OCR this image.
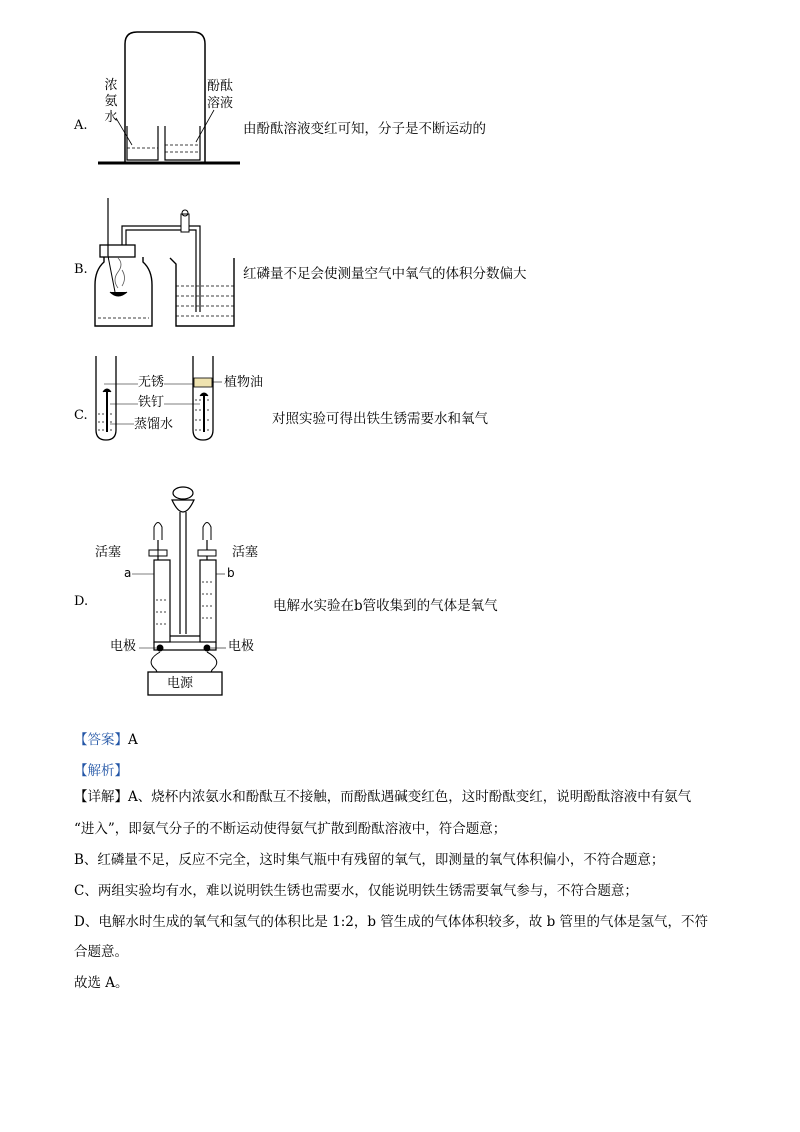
A.
浓
氨
水
酚酞
溶液
由酚酞溶液变红可知，分子是不断运动的
B.	红磷量不足会使测量空气中氧气的体积分数偏大
C.
无锈
铁钉
蒸馏水
植物油
对照实验可得出铁生锈需要水和氧气
D.
活塞	活塞
a	b
电极	电极
电源
电解水实验在b管收集到的气体是氧气
【答案】A
【解析】
【详解】A、烧杯内浓氨水和酚酞互不接触，而酚酞遇碱变红色，这时酚酞变红，说明酚酞溶液中有氨气
“进入”，即氨气分子的不断运动使得氨气扩散到酚酞溶液中，符合题意；
B、红磷量不足，反应不完全，这时集气瓶中有残留的氧气，即测量的氧气体积偏小，不符合题意；
C、两组实验均有水，难以说明铁生锈也需要水，仅能说明铁生锈需要氧气参与，不符合题意；
D、电解水时生成的氧气和氢气的体积比是 1:2，b 管生成的气体体积较多，故 b 管里的气体是氢气，不符
合题意。
故选 A。
